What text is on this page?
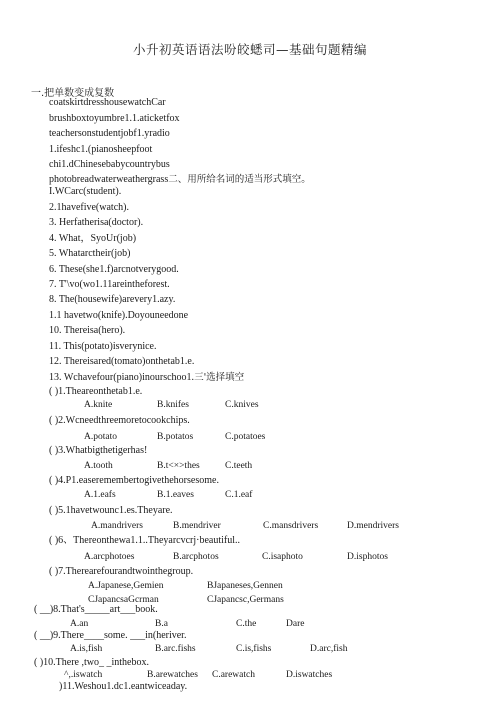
小升初英语语法吩皎蟋司—基础句题精编
一.把单数变成复数
coatskirtdresshousewatchCar
brushboxtoyumbre1.1.aticketfox
teachersonstudentjobf1.yradio
1.ifeshc1.(pianosheepfoot
chi1.dChinesebabycountrybus
photobreadwaterweathergrass二、用所给名词的适当形式填空。
I.WCarc(student).
2.1havefive(watch).
3. Herfatherisa(doctor).
4. What，SyoUr(job)
5. Whatarctheir(job)
6. These(she1.f)arcnotverygood.
7. T'\vo(wo1.11areintheforest.
8. The(housewife)arevery1.azy.
1.1 havetwo(knife).Doyouneedone
10. Thereisa(hero).
11. This(potato)isverynice.
12. Thereisared(tomato)onthetab1.e.
13. Wchavefour(piano)inourschoo1.三'选择填空
( )1.Theareonthetab1.e.
A.knite	B.knifes	C.knives
( )2.Wcneedthreemoretocookchips.
A.potato	B.potatos	C.potatoes
( )3.Whatbigthetigerhas!
A.tooth	B.t<×>thes	C.teeth
( )4.P1.easeremembertogivethehorsesome.
A.1.eafs	B.1.eaves	C.1.eaf
( )5.1havetwounc1.es.Theyare.
A.mandrivers	B.mendriver	C.mansdrivers	D.mendrivers
( )6、Thereonthewa1.1..Theyarcvcrj·beautiful..
A.arcphotoes	B.arcphotos	C.isaphoto	D.isphotos
( )7.Therearefourandtwointhegroup.
A.Japanese,Gemien	BJapaneses,Gennen
CJapancsaGcrman	CJapancsc,Germans
( __)8.That's_____art___book.
A.an	B.a	C.the	Dare
( __)9.There____some. ___in(heriver.
A.is,fish	B.arc.fishs	C.is,fishs	D.arc,fish
( )10.There ,two_ _inthebox.
^,.iswatch	B.arewatches C.arewatch	D.iswatches
)11.Weshou1.dc1.eantwiceaday.
